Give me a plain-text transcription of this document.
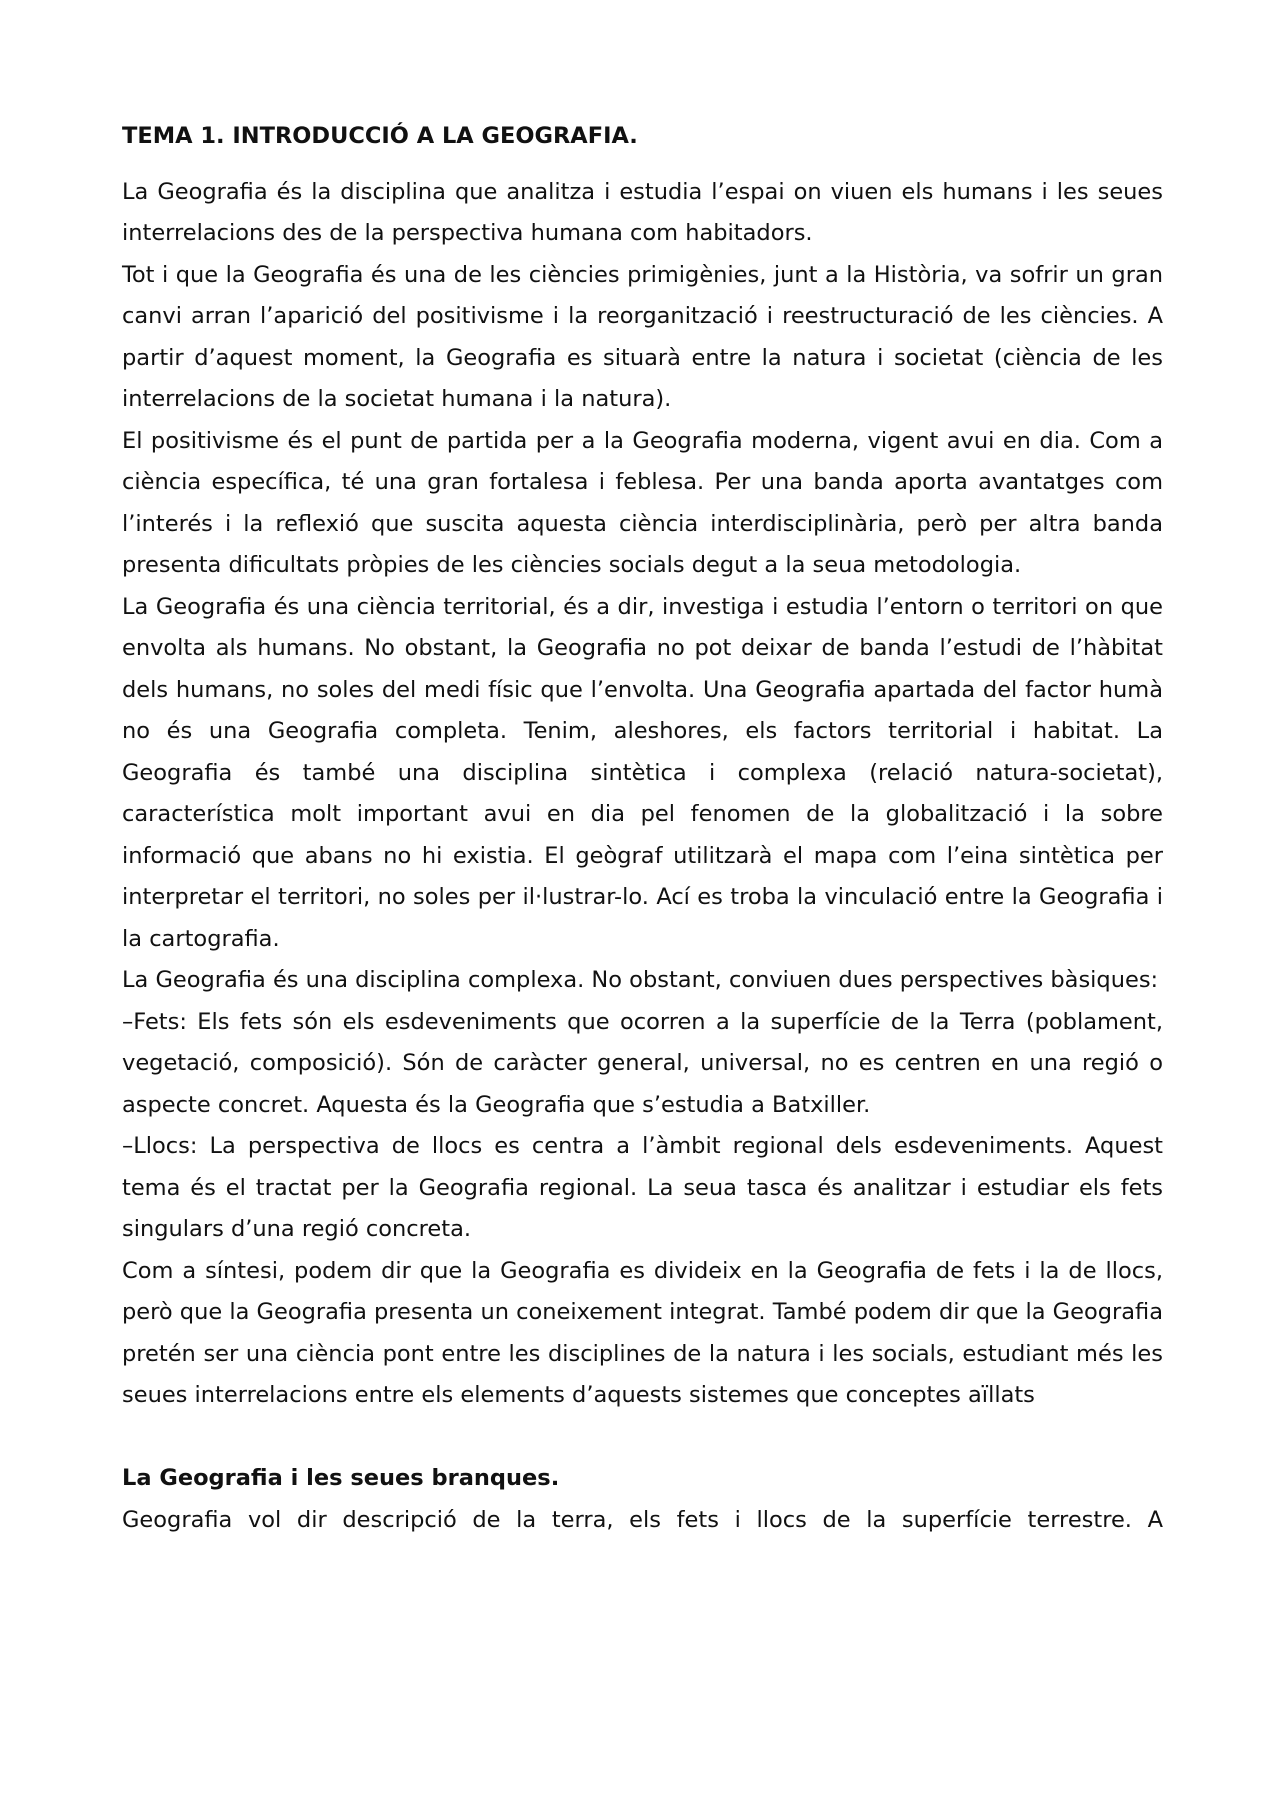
TEMA 1. INTRODUCCIÓ A LA GEOGRAFIA.

La Geografia és la disciplina que analitza i estudia l’espai on viuen els humans i les seues interrelacions des de la perspectiva humana com habitadors.

Tot i que la Geografia és una de les ciències primigènies, junt a la Història, va sofrir un gran canvi arran l’aparició del positivisme i la reorganització i reestructuració de les ciències. A partir d’aquest moment, la Geografia es situarà entre la natura i societat (ciència de les interrelacions de la societat humana i la natura).

El positivisme és el punt de partida per a la Geografia moderna, vigent avui en dia. Com a ciència específica, té una gran fortalesa i feblesa. Per una banda aporta avantatges com l’interés i la reflexió que suscita aquesta ciència interdisciplinària, però per altra banda presenta dificultats pròpies de les ciències socials degut a la seua metodologia.

La Geografia és una ciència territorial, és a dir, investiga i estudia l’entorn o territori on que envolta als humans. No obstant, la Geografia no pot deixar de banda l’estudi de l’hàbitat dels humans, no soles del medi físic que l’envolta. Una Geografia apartada del factor humà no és una Geografia completa. Tenim, aleshores, els factors territorial i habitat. La Geografia és també una disciplina sintètica i complexa (relació natura-societat), característica molt important avui en dia pel fenomen de la globalització i la sobre informació que abans no hi existia. El geògraf utilitzarà el mapa com l’eina sintètica per interpretar el territori, no soles per il·lustrar-lo. Ací es troba la vinculació entre la Geografia i la cartografia.

La Geografia és una disciplina complexa. No obstant, conviuen dues perspectives bàsiques:

–Fets: Els fets són els esdeveniments que ocorren a la superfície de la Terra (poblament, vegetació, composició). Són de caràcter general, universal, no es centren en una regió o aspecte concret. Aquesta és la Geografia que s’estudia a Batxiller.

–Llocs: La perspectiva de llocs es centra a l’àmbit regional dels esdeveniments. Aquest tema és el tractat per la Geografia regional. La seua tasca és analitzar i estudiar els fets singulars d’una regió concreta.

Com a síntesi, podem dir que la Geografia es divideix en la Geografia de fets i la de llocs, però que la Geografia presenta un coneixement integrat. També podem dir que la Geografia pretén ser una ciència pont entre les disciplines de la natura i les socials, estudiant més les seues interrelacions entre els elements d’aquests sistemes que conceptes aïllats

La Geografia i les seues branques.

Geografia vol dir descripció de la terra, els fets i llocs de la superfície terrestre. A
